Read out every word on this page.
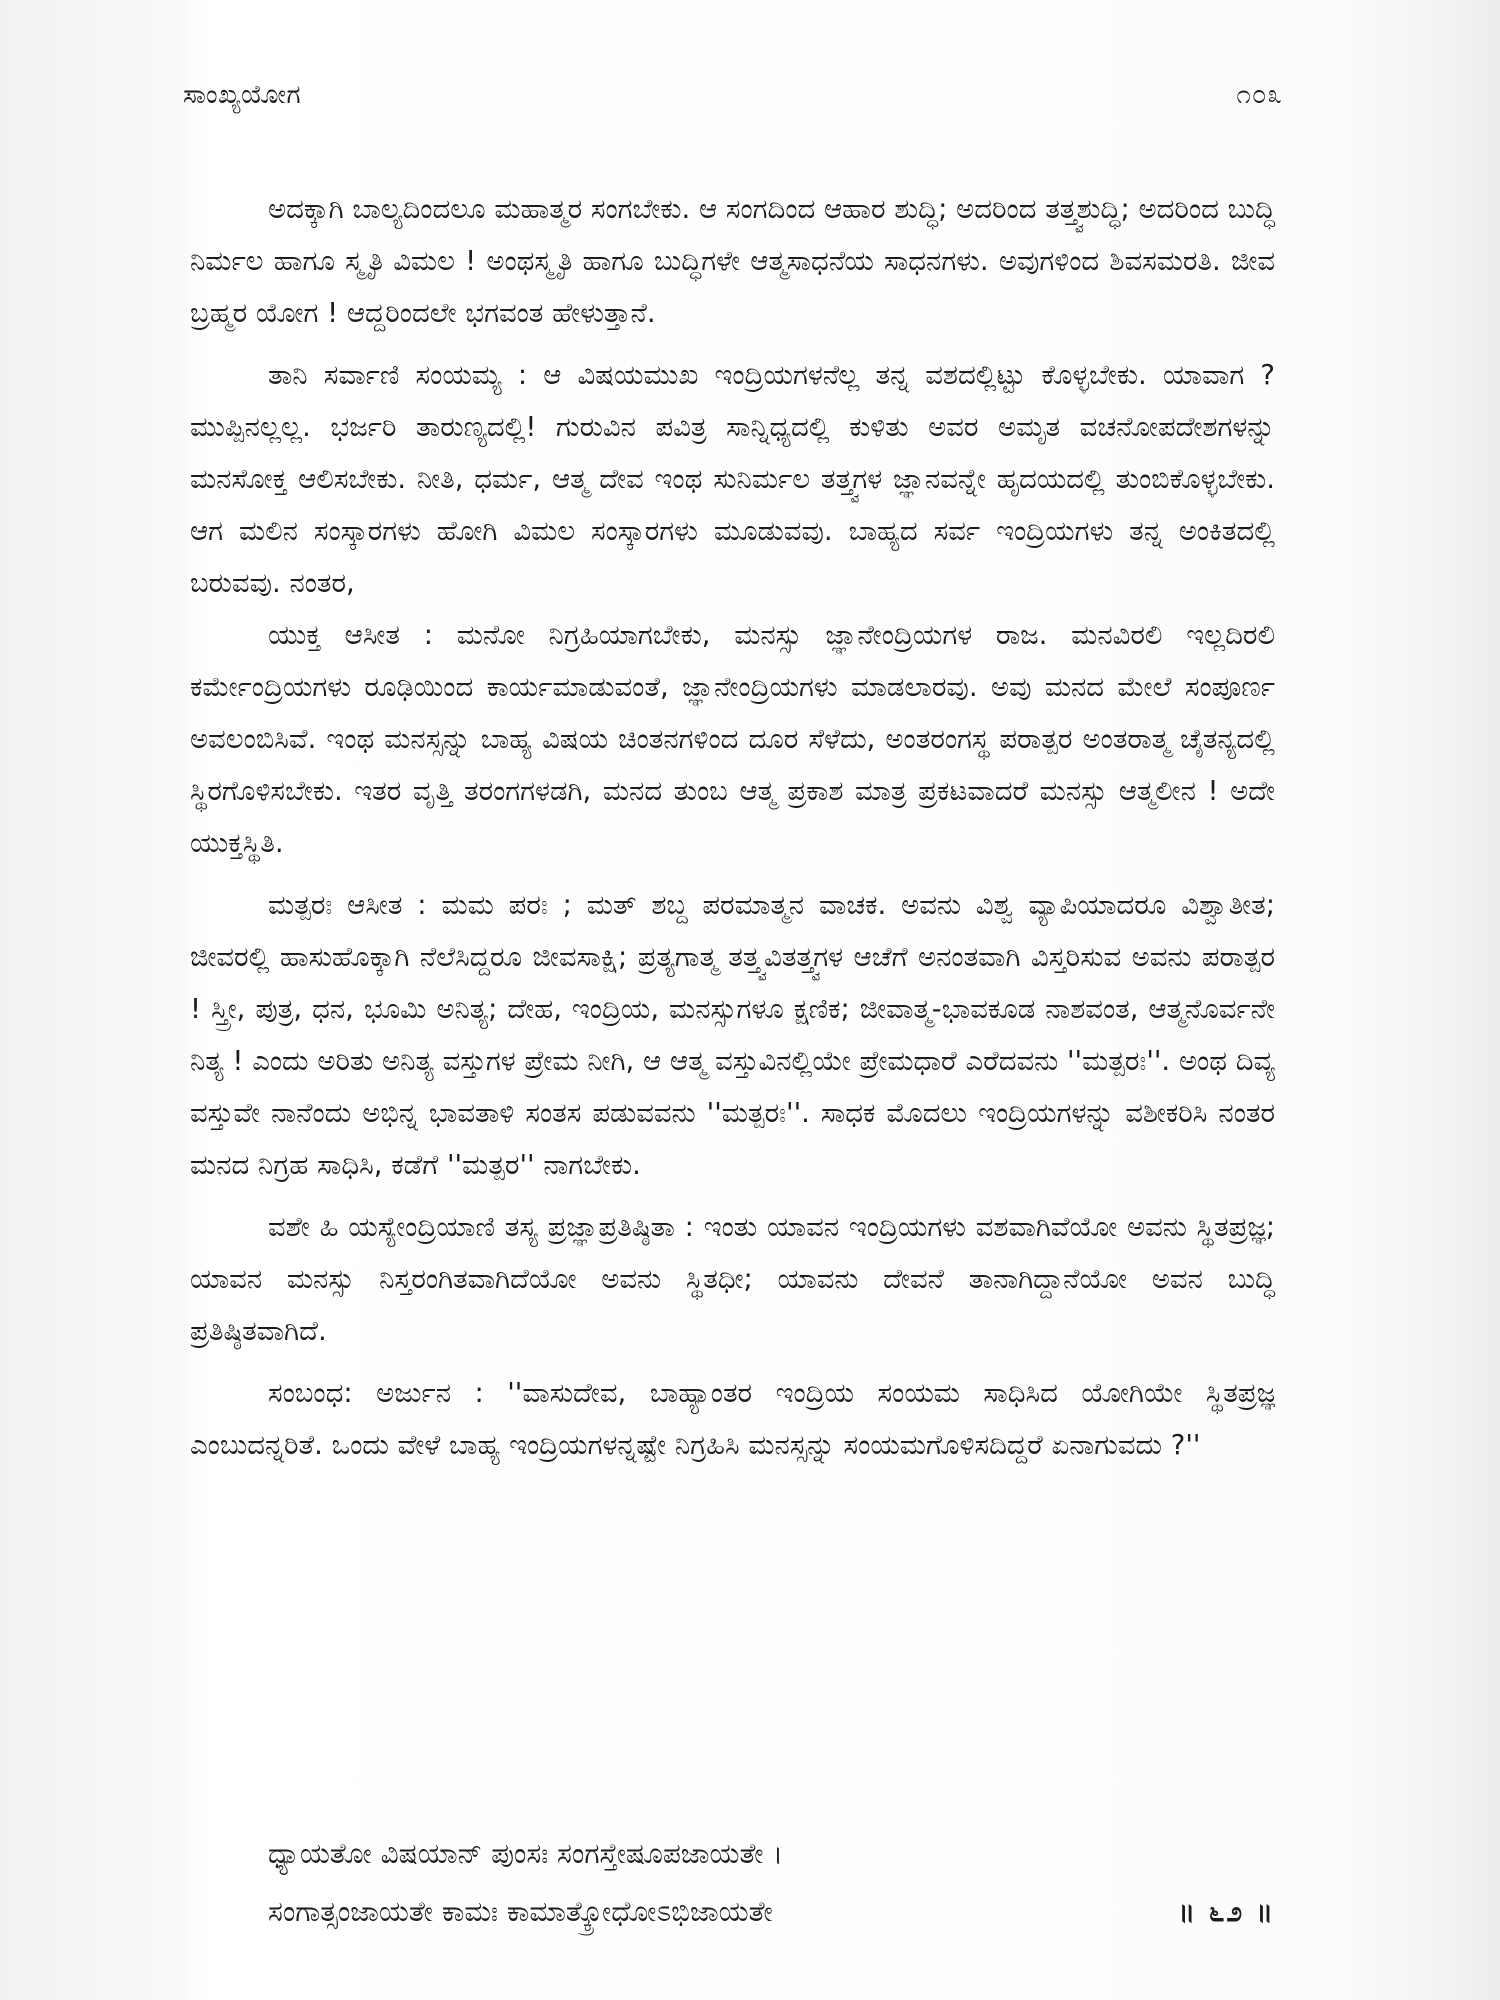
ಸಾಂಖ್ಯಯೋಗ	೧೦೩

ಅದಕ್ಕಾಗಿ ಬಾಲ್ಯದಿಂದಲೂ ಮಹಾತ್ಮರ ಸಂಗಬೇಕು. ಆ ಸಂಗದಿಂದ ಆಹಾರ ಶುದ್ಧಿ; ಅದರಿಂದ ತತ್ತ್ವಶುದ್ಧಿ; ಅದರಿಂದ ಬುದ್ಧಿ ನಿರ್ಮಲ ಹಾಗೂ ಸ್ಮೃತಿ ವಿಮಲ ! ಅಂಥಸ್ಮೃತಿ ಹಾಗೂ ಬುದ್ಧಿಗಳೇ ಆತ್ಮಸಾಧನೆಯ ಸಾಧನಗಳು. ಅವುಗಳಿಂದ ಶಿವಸಮರತಿ. ಜೀವ ಬ್ರಹ್ಮರ ಯೋಗ ! ಆದ್ದರಿಂದಲೇ ಭಗವಂತ ಹೇಳುತ್ತಾನೆ.

ತಾನಿ ಸರ್ವಾಣಿ ಸಂಯಮ್ಯ : ಆ ವಿಷಯಮುಖ ಇಂದ್ರಿಯಗಳನೆಲ್ಲ ತನ್ನ ವಶದಲ್ಲಿಟ್ಟು ಕೊಳ್ಳಬೇಕು. ಯಾವಾಗ ? ಮುಪ್ಪಿನಲ್ಲಲ್ಲ. ಭರ್ಜರಿ ತಾರುಣ್ಯದಲ್ಲಿ! ಗುರುವಿನ ಪವಿತ್ರ ಸಾನ್ನಿಧ್ಯದಲ್ಲಿ ಕುಳಿತು ಅವರ ಅಮೃತ ವಚನೋಪದೇಶಗಳನ್ನು ಮನಸೋಕ್ತ ಆಲಿಸಬೇಕು. ನೀತಿ, ಧರ್ಮ, ಆತ್ಮ ದೇವ ಇಂಥ ಸುನಿರ್ಮಲ ತತ್ತ್ವಗಳ ಜ್ಞಾನವನ್ನೇ ಹೃದಯದಲ್ಲಿ ತುಂಬಿಕೊಳ್ಳಬೇಕು. ಆಗ ಮಲಿನ ಸಂಸ್ಕಾರಗಳು ಹೋಗಿ ವಿಮಲ ಸಂಸ್ಕಾರಗಳು ಮೂಡುವವು. ಬಾಹ್ಯದ ಸರ್ವ ಇಂದ್ರಿಯಗಳು ತನ್ನ ಅಂಕಿತದಲ್ಲಿ ಬರುವವು. ನಂತರ,

ಯುಕ್ತ ಆಸೀತ : ಮನೋ ನಿಗ್ರಹಿಯಾಗಬೇಕು, ಮನಸ್ಸು ಜ್ಞಾನೇಂದ್ರಿಯಗಳ ರಾಜ. ಮನವಿರಲಿ ಇಲ್ಲದಿರಲಿ ಕರ್ಮೇಂದ್ರಿಯಗಳು ರೂಢಿಯಿಂದ ಕಾರ್ಯಮಾಡುವಂತೆ, ಜ್ಞಾನೇಂದ್ರಿಯಗಳು ಮಾಡಲಾರವು. ಅವು ಮನದ ಮೇಲೆ ಸಂಪೂರ್ಣ ಅವಲಂಬಿಸಿವೆ. ಇಂಥ ಮನಸ್ಸನ್ನು ಬಾಹ್ಯ ವಿಷಯ ಚಿಂತನಗಳಿಂದ ದೂರ ಸೆಳೆದು, ಅಂತರಂಗಸ್ಥ ಪರಾತ್ಪರ ಅಂತರಾತ್ಮ ಚೈತನ್ಯದಲ್ಲಿ ಸ್ಥಿರಗೊಳಿಸಬೇಕು. ಇತರ ವೃತ್ತಿ ತರಂಗಗಳಡಗಿ, ಮನದ ತುಂಬ ಆತ್ಮ ಪ್ರಕಾಶ ಮಾತ್ರ ಪ್ರಕಟವಾದರೆ ಮನಸ್ಸು ಆತ್ಮಲೀನ ! ಅದೇ ಯುಕ್ತಸ್ಥಿತಿ.

ಮತ್ಪರಃ ಆಸೀತ : ಮಮ ಪರಃ ; ಮತ್ ಶಬ್ದ ಪರಮಾತ್ಮನ ವಾಚಕ. ಅವನು ವಿಶ್ವ ವ್ಯಾಪಿಯಾದರೂ ವಿಶ್ವಾತೀತ; ಜೀವರಲ್ಲಿ ಹಾಸುಹೊಕ್ಕಾಗಿ ನೆಲೆಸಿದ್ದರೂ ಜೀವಸಾಕ್ಷಿ; ಪ್ರತ್ಯಗಾತ್ಮ ತತ್ತ್ವವಿತತ್ತ್ವಗಳ ಆಚೆಗೆ ಅನಂತವಾಗಿ ವಿಸ್ತರಿಸುವ ಅವನು ಪರಾತ್ಪರ ! ಸ್ತ್ರೀ, ಪುತ್ರ, ಧನ, ಭೂಮಿ ಅನಿತ್ಯ; ದೇಹ, ಇಂದ್ರಿಯ, ಮನಸ್ಸುಗಳೂ ಕ್ಷಣಿಕ; ಜೀವಾತ್ಮ-ಭಾವಕೂಡ ನಾಶವಂತ, ಆತ್ಮನೊರ್ವನೇ ನಿತ್ಯ ! ಎಂದು ಅರಿತು ಅನಿತ್ಯ ವಸ್ತುಗಳ ಪ್ರೇಮ ನೀಗಿ, ಆ ಆತ್ಮ ವಸ್ತುವಿನಲ್ಲಿಯೇ ಪ್ರೇಮಧಾರೆ ಎರೆದವನು ''ಮತ್ಪರಃ''. ಅಂಥ ದಿವ್ಯ ವಸ್ತುವೇ ನಾನೆಂದು ಅಭಿನ್ನ ಭಾವತಾಳಿ ಸಂತಸ ಪಡುವವನು ''ಮತ್ಪರಃ''. ಸಾಧಕ ಮೊದಲು ಇಂದ್ರಿಯಗಳನ್ನು ವಶೀಕರಿಸಿ ನಂತರ ಮನದ ನಿಗ್ರಹ ಸಾಧಿಸಿ, ಕಡೆಗೆ ''ಮತ್ಪರ'' ನಾಗಬೇಕು.

ವಶೇ ಹಿ ಯಸ್ಯೇಂದ್ರಿಯಾಣಿ ತಸ್ಯ ಪ್ರಜ್ಞಾಪ್ರತಿಷ್ಠಿತಾ : ಇಂತು ಯಾವನ ಇಂದ್ರಿಯಗಳು ವಶವಾಗಿವೆಯೋ ಅವನು ಸ್ಥಿತಪ್ರಜ್ಞ; ಯಾವನ ಮನಸ್ಸು ನಿಸ್ತರಂಗಿತವಾಗಿದೆಯೋ ಅವನು ಸ್ಥಿತಧೀ; ಯಾವನು ದೇವನೆ ತಾನಾಗಿದ್ದಾನೆಯೋ ಅವನ ಬುದ್ಧಿ ಪ್ರತಿಷ್ಠಿತವಾಗಿದೆ.

ಸಂಬಂಧ: ಅರ್ಜುನ : ''ವಾಸುದೇವ, ಬಾಹ್ಯಾಂತರ ಇಂದ್ರಿಯ ಸಂಯಮ ಸಾಧಿಸಿದ ಯೋಗಿಯೇ ಸ್ಥಿತಪ್ರಜ್ಞ ಎಂಬುದನ್ನರಿತೆ. ಒಂದು ವೇಳೆ ಬಾಹ್ಯ ಇಂದ್ರಿಯಗಳನ್ನಷ್ಟೇ ನಿಗ್ರಹಿಸಿ ಮನಸ್ಸನ್ನು ಸಂಯಮಗೊಳಿಸದಿದ್ದರೆ ಏನಾಗುವದು ?''

ಧ್ಯಾಯತೋ ವಿಷಯಾನ್ ಪುಂಸಃ ಸಂಗಸ್ತೇಷೂಪಜಾಯತೇ ।
ಸಂಗಾತ್ಸಂಜಾಯತೇ ಕಾಮಃ ಕಾಮಾತ್ಕ್ರೋಧೋಽಭಿಜಾಯತೇ	॥ ೬೨ ॥
